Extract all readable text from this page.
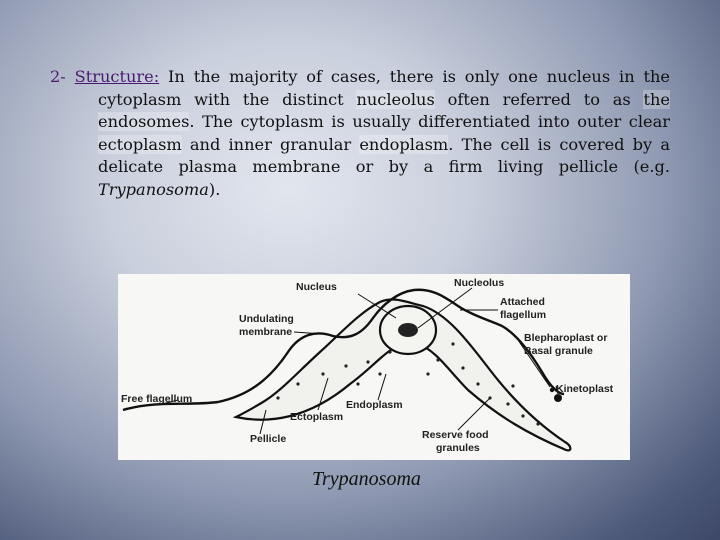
2- Structure: In the majority of cases, there is only one nucleus in the cytoplasm with the distinct nucleolus often referred to as the endosomes. The cytoplasm is usually differentiated into outer clear ectoplasm and inner granular endoplasm. The cell is covered by a delicate plasma membrane or by a firm living pellicle (e.g. Trypanosoma).

Nucleus	Nucleolus
Attached
flagellum
Undulating
membrane	Blepharoplast or
Basal granule
Kinetoplast
Free flagellum	Endoplasm
Ectoplasm
Pellicle	Reserve food
granules
Trypanosoma
